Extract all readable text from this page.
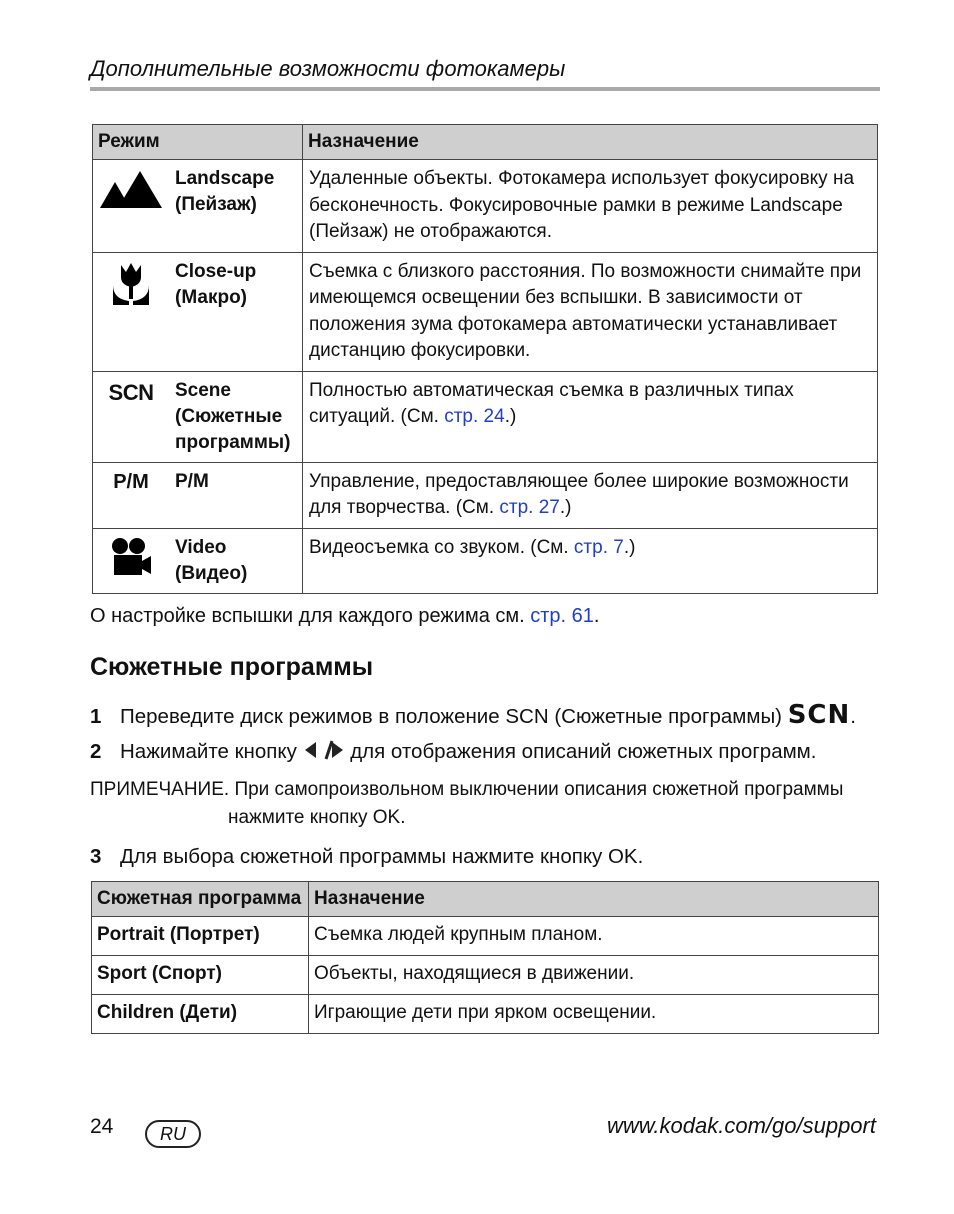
Дополнительные возможности фотокамеры
Режим		Назначение

Landscape
(Пейзаж)	Удаленные объекты. Фотокамера использует фокусировку на бесконечность. Фокусировочные рамки в режиме Landscape (Пейзаж) не отображаются.

Close-up
(Макро)	Съемка с близкого расстояния. По возможности снимайте при имеющемся освещении без вспышки. В зависимости от положения зума фотокамера автоматически устанавливает дистанцию фокусировки.
SCN	Scene
(Сюжетные
программы)	Полностью автоматическая съемка в различных типах ситуаций. (См. стр. 24.)
P/M	P/M	Управление, предоставляющее более широкие возможности для творчества. (См. стр. 27.)

Video
(Видео)	Видеосъемка со звуком. (См. стр. 7.)
О настройке вспышки для каждого режима см. стр. 61.
Сюжетные программы
1 Переведите диск режимов в положение SCN (Сюжетные программы) SCN.
2 Нажимайте кнопку  для отображения описаний сюжетных программ.
ПРИМЕЧАНИЕ. При самопроизвольном выключении описания сюжетной программы
нажмите кнопку OK.
3 Для выбора сюжетной программы нажмите кнопку OK.
Сюжетная программа	Назначение
Portrait (Портрет)	Съемка людей крупным планом.
Sport (Спорт)	Объекты, находящиеся в движении.
Children (Дети)	Играющие дети при ярком освещении.
24	RU	www.kodak.com/go/support
